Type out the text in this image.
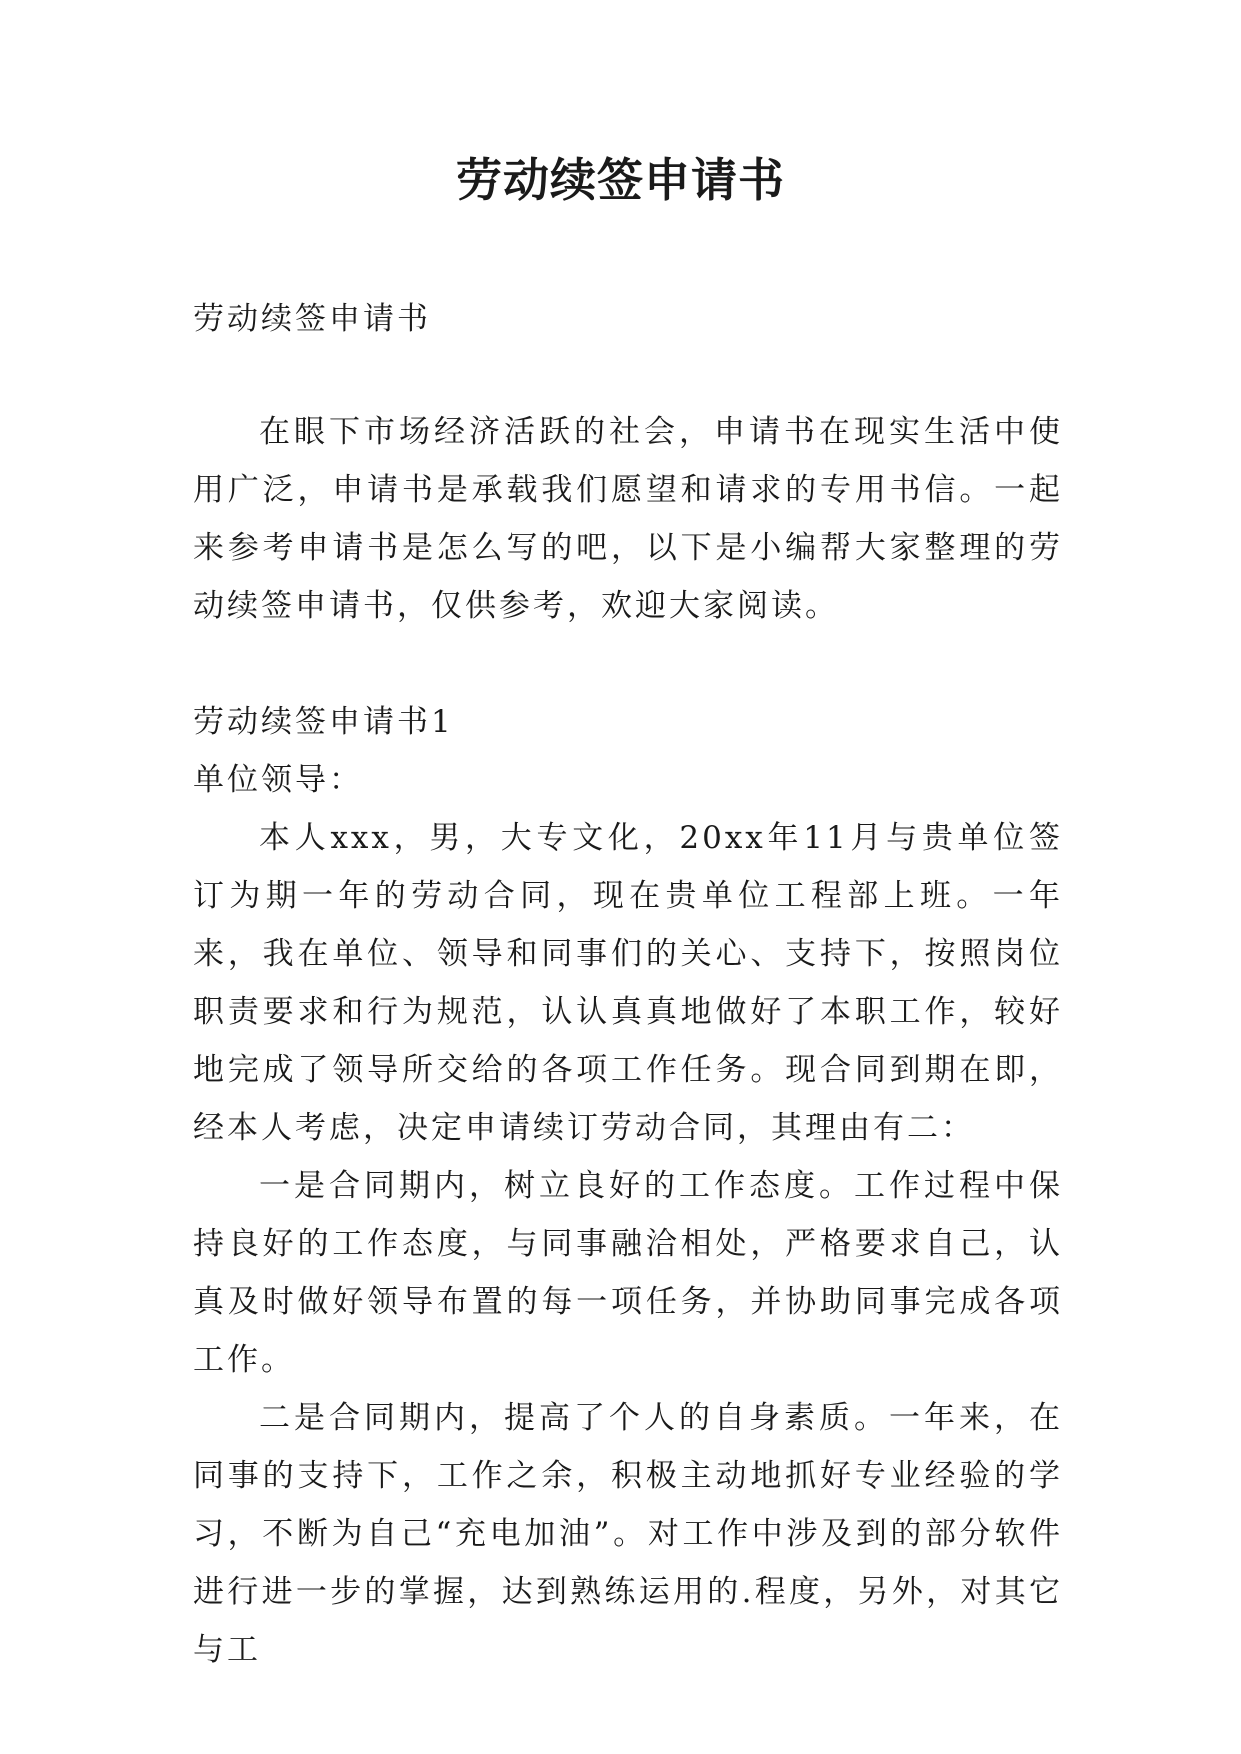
劳动续签申请书

劳动续签申请书

在眼下市场经济活跃的社会，申请书在现实生活中使用广泛，申请书是承载我们愿望和请求的专用书信。一起来参考申请书是怎么写的吧，以下是小编帮大家整理的劳动续签申请书，仅供参考，欢迎大家阅读。

劳动续签申请书1

单位领导：

本人xxx，男，大专文化，20xx年11月与贵单位签订为期一年的劳动合同，现在贵单位工程部上班。一年来，我在单位、领导和同事们的关心、支持下，按照岗位职责要求和行为规范，认认真真地做好了本职工作，较好地完成了领导所交给的各项工作任务。现合同到期在即，经本人考虑，决定申请续订劳动合同，其理由有二：

一是合同期内，树立良好的工作态度。工作过程中保持良好的工作态度，与同事融洽相处，严格要求自己，认真及时做好领导布置的每一项任务，并协助同事完成各项工作。

二是合同期内，提高了个人的自身素质。一年来，在同事的支持下，工作之余，积极主动地抓好专业经验的学习，不断为自己“充电加油”。对工作中涉及到的部分软件进行进一步的掌握，达到熟练运用的.程度，另外，对其它与工
